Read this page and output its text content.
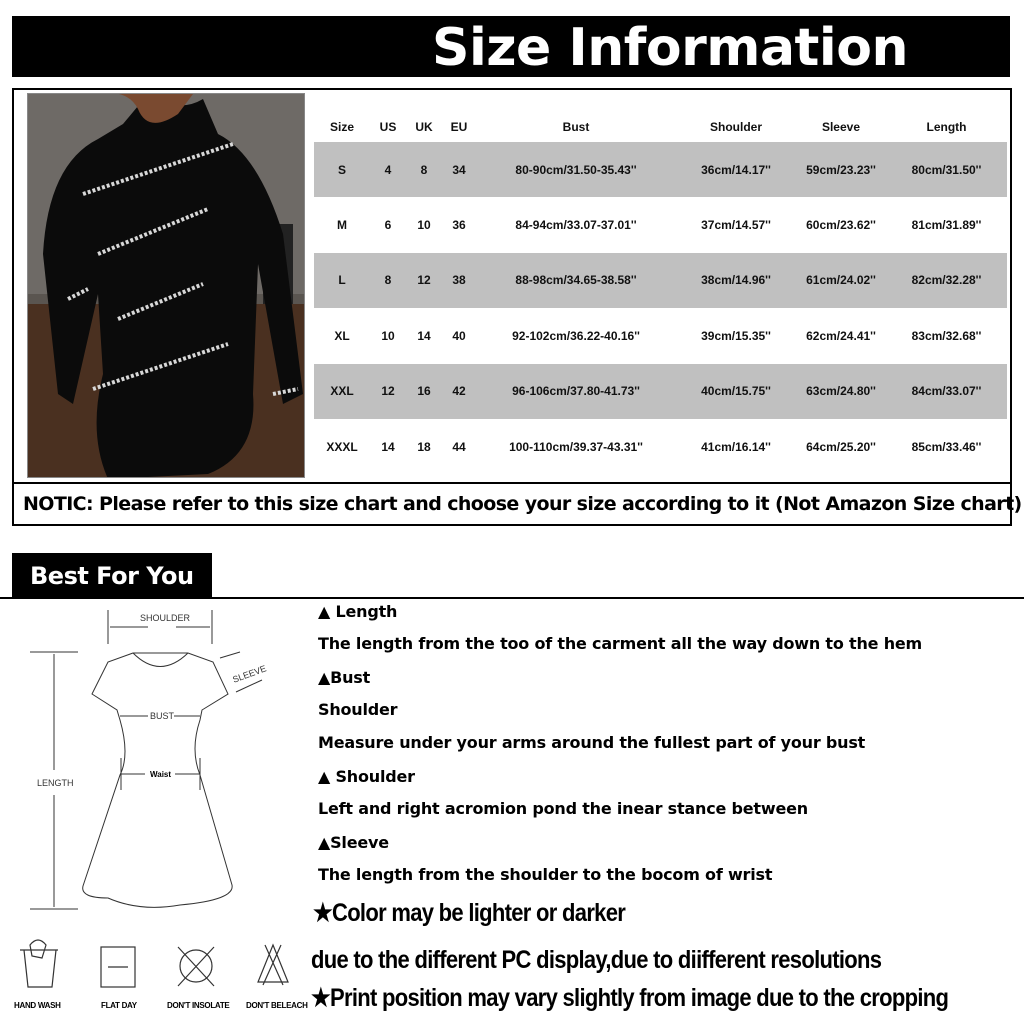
Size Information
Size	US	UK	EU	Bust	Shoulder	Sleeve	Length
S	4	8	34	80-90cm/31.50-35.43''	36cm/14.17''	59cm/23.23''	80cm/31.50''
M	6	10	36	84-94cm/33.07-37.01''	37cm/14.57''	60cm/23.62''	81cm/31.89''
L	8	12	38	88-98cm/34.65-38.58''	38cm/14.96''	61cm/24.02''	82cm/32.28''
XL	10	14	40	92-102cm/36.22-40.16''	39cm/15.35''	62cm/24.41''	83cm/32.68''
XXL	12	16	42	96-106cm/37.80-41.73''	40cm/15.75''	63cm/24.80''	84cm/33.07''
XXXL	14	18	44	100-110cm/39.37-43.31''	41cm/16.14''	64cm/25.20''	85cm/33.46''
NOTIC: Please refer to this size chart and choose your size according to it (Not Amazon Size chart)
Best For You
SHOULDER
SLEEVE
BUST
Waist
LENGTH
HAND WASH	FLAT DAY	DON'T INSOLATE DON'T BELEACH
▲ Length
The length from the too of the carment all the way down to the hem
▲Bust
Shoulder
Measure under your arms around the fullest part of your bust
▲ Shoulder
Left and right acromion pond the inear stance between
▲Sleeve
The length from the shoulder to the bocom of wrist
★Color may be lighter or darker
due to the different PC display,due to diifferent resolutions
★Print position may vary slightly from image due to the cropping
